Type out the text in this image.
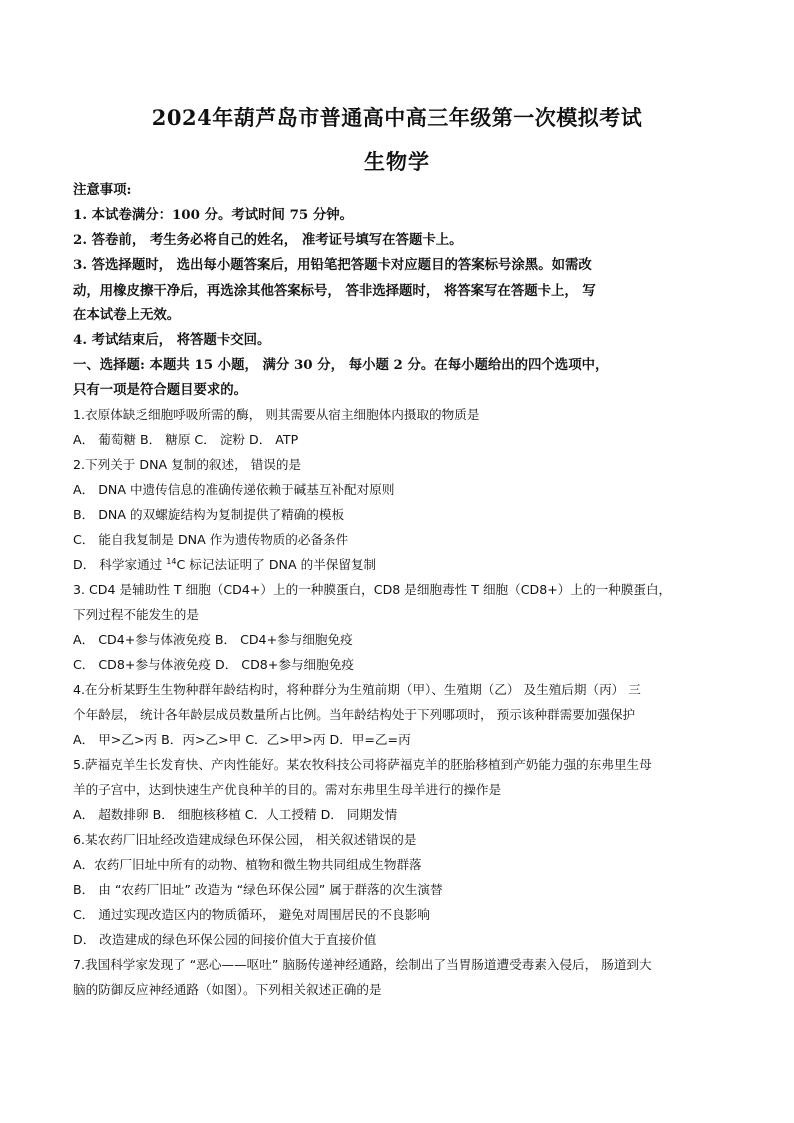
2024年葫芦岛市普通高中高三年级第一次模拟考试
生物学
注意事项:
1. 本试卷满分：100 分。考试时间 75 分钟。
2. 答卷前， 考生务必将自己的姓名， 准考证号填写在答题卡上。
3. 答选择题时， 选出每小题答案后，用铅笔把答题卡对应题目的答案标号涂黑。如需改
动，用橡皮擦干净后，再选涂其他答案标号， 答非选择题时， 将答案写在答题卡上， 写
在本试卷上无效。
4. 考试结束后， 将答题卡交回。
一、选择题: 本题共 15 小题， 满分 30 分， 每小题 2 分。在每小题给出的四个选项中，
只有一项是符合题目要求的。
1.衣原体缺乏细胞呼吸所需的酶， 则其需要从宿主细胞体内摄取的物质是
A． 葡萄糖 B． 糖原 C． 淀粉 D． ATP
2.下列关于 DNA 复制的叙述， 错误的是
A． DNA 中遗传信息的准确传递依赖于碱基互补配对原则
B． DNA 的双螺旋结构为复制提供了精确的模板
C． 能自我复制是 DNA 作为遗传物质的必备条件
D． 科学家通过 $^{14}$C 标记法证明了 DNA 的半保留复制
3. CD4 是辅助性 T 细胞（CD4+）上的一种膜蛋白，CD8 是细胞毒性 T 细胞（CD8+）上的一种膜蛋白，
下列过程不能发生的是
A． CD4+参与体液免疫 B． CD4+参与细胞免疫
C． CD8+参与体液免疫 D． CD8+参与细胞免疫
4.在分析某野生生物种群年龄结构时，将种群分为生殖前期（甲）、生殖期（乙） 及生殖后期（丙） 三
个年龄层， 统计各年龄层成员数量所占比例。当年龄结构处于下列哪项时， 预示该种群需要加强保护
A． 甲>乙>丙 B．丙>乙>甲 C．乙>甲>丙 D．甲=乙=丙
5.萨福克羊生长发育快、产肉性能好。某农牧科技公司将萨福克羊的胚胎移植到产奶能力强的东弗里生母
羊的子宫中，达到快速生产优良种羊的目的。需对东弗里生母羊进行的操作是
A． 超数排卵 B． 细胞核移植 C．人工授精 D． 同期发情
6.某农药厂旧址经改造建成绿色环保公园， 相关叙述错误的是
A．农药厂旧址中所有的动物、植物和微生物共同组成生物群落
B． 由 “农药厂旧址” 改造为 “绿色环保公园” 属于群落的次生演替
C． 通过实现改造区内的物质循环， 避免对周围居民的不良影响
D． 改造建成的绿色环保公园的间接价值大于直接价值
7.我国科学家发现了 “恶心——呕吐” 脑肠传递神经通路，绘制出了当胃肠道遭受毒素入侵后， 肠道到大
脑的防御反应神经通路（如图）。下列相关叙述正确的是
